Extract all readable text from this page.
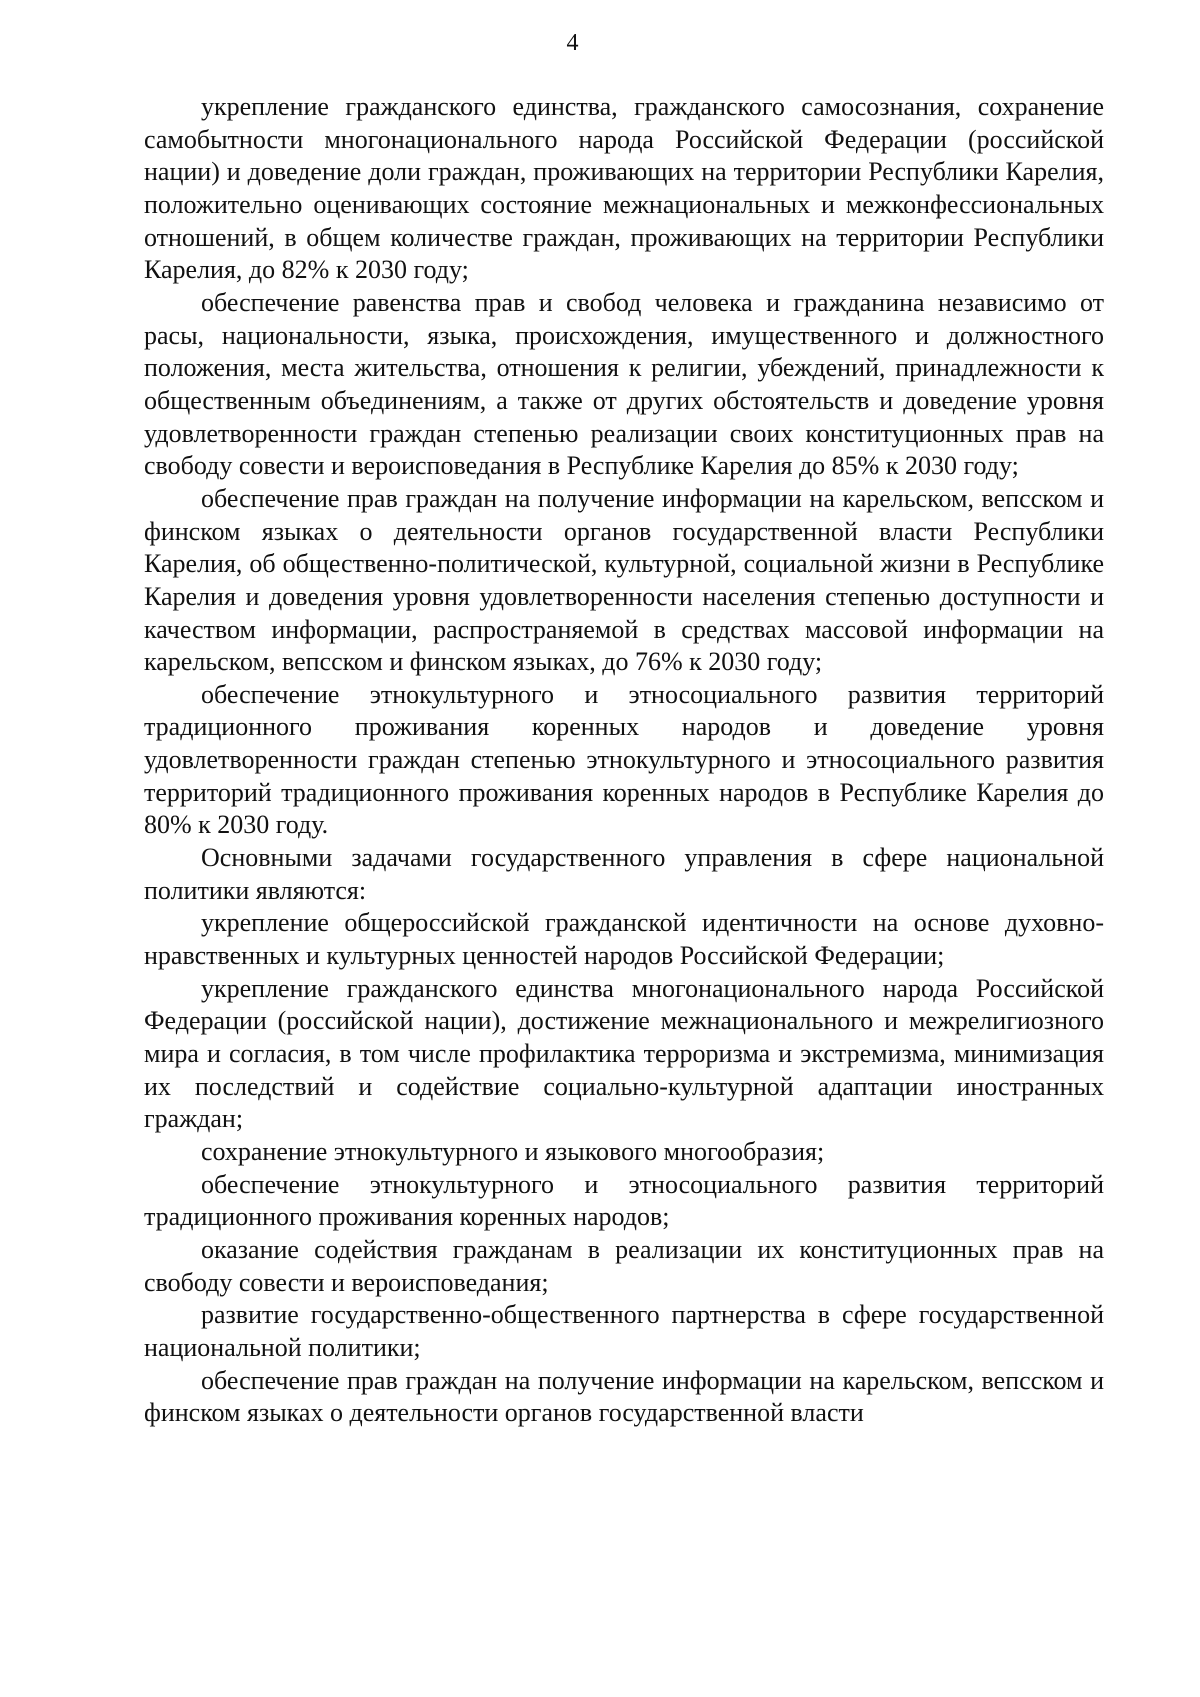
4

укрепление гражданского единства, гражданского самосознания, сохранение самобытности многонационального народа Российской Федерации (российской нации) и доведение доли граждан, проживающих на территории Республики Карелия, положительно оценивающих состояние межнациональных и межконфессиональных отношений, в общем количестве граждан, проживающих на территории Республики Карелия, до 82% к 2030 году;

обеспечение равенства прав и свобод человека и гражданина независимо от расы, национальности, языка, происхождения, имущественного и должностного положения, места жительства, отношения к религии, убеждений, принадлежности к общественным объединениям, а также от других обстоятельств и доведение уровня удовлетворенности граждан степенью реализации своих конституционных прав на свободу совести и вероисповедания в Республике Карелия до 85% к 2030 году;

обеспечение прав граждан на получение информации на карельском, вепсском и финском языках о деятельности органов государственной власти Республики Карелия, об общественно-политической, культурной, социальной жизни в Республике Карелия и доведения уровня удовлетворенности населения степенью доступности и качеством информации, распространяемой в средствах массовой информации на карельском, вепсском и финском языках, до 76% к 2030 году;

обеспечение этнокультурного и этносоциального развития территорий традиционного проживания коренных народов и доведение уровня удовлетворенности граждан степенью этнокультурного и этносоциального развития территорий традиционного проживания коренных народов в Республике Карелия до 80% к 2030 году.

Основными задачами государственного управления в сфере национальной политики являются:

укрепление общероссийской гражданской идентичности на основе духовно-нравственных и культурных ценностей народов Российской Федерации;

укрепление гражданского единства многонационального народа Российской Федерации (российской нации), достижение межнационального и межрелигиозного мира и согласия, в том числе профилактика терроризма и экстремизма, минимизация их последствий и содействие социально-культурной адаптации иностранных граждан;

сохранение этнокультурного и языкового многообразия;

обеспечение этнокультурного и этносоциального развития территорий традиционного проживания коренных народов;

оказание содействия гражданам в реализации их конституционных прав на свободу совести и вероисповедания;

развитие государственно-общественного партнерства в сфере государственной национальной политики;

обеспечение прав граждан на получение информации на карельском, вепсском и финском языках о деятельности органов государственной власти
